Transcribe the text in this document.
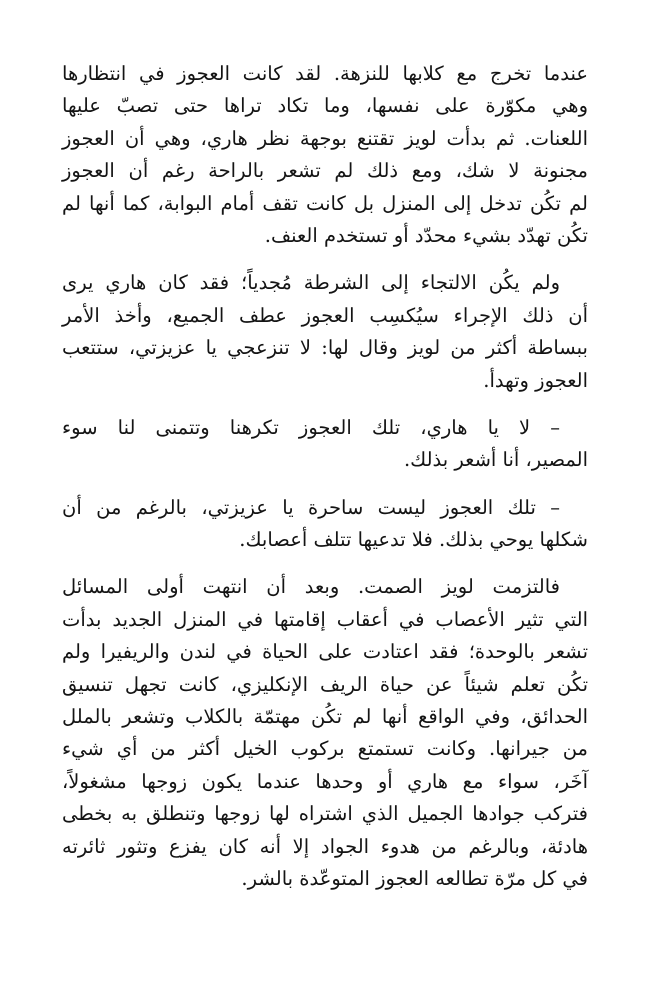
عندما تخرج مع كلابها للنزهة. لقد كانت العجوز في انتظارها
وهي مكوّرة على نفسها، وما تكاد تراها حتى تصبّ عليها
اللعنات. ثم بدأت لويز تقتنع بوجهة نظر هاري، وهي أن العجوز
مجنونة لا شك، ومع ذلك لم تشعر بالراحة رغم أن العجوز
لم تكُن تدخل إلى المنزل بل كانت تقف أمام البوابة، كما أنها لم
تكُن تهدّد بشيء محدّد أو تستخدم العنف.

ولم يكُن الالتجاء إلى الشرطة مُجدياً؛ فقد كان هاري يرى
أن ذلك الإجراء سيُكسِب العجوز عطف الجميع، وأخذ الأمر
ببساطة أكثر من لويز وقال لها: لا تنزعجي يا عزيزتي، ستتعب
العجوز وتهدأ.

– لا يا هاري، تلك العجوز تكرهنا وتتمنى لنا سوء
المصير، أنا أشعر بذلك.

– تلك العجوز ليست ساحرة يا عزيزتي، بالرغم من أن
شكلها يوحي بذلك. فلا تدعيها تتلف أعصابك.

فالتزمت لويز الصمت. وبعد أن انتهت أولى المسائل
التي تثير الأعصاب في أعقاب إقامتها في المنزل الجديد بدأت
تشعر بالوحدة؛ فقد اعتادت على الحياة في لندن والريفيرا ولم
تكُن تعلم شيئاً عن حياة الريف الإنكليزي، كانت تجهل تنسيق
الحدائق، وفي الواقع أنها لم تكُن مهتمّة بالكلاب وتشعر بالملل
من جيرانها. وكانت تستمتع بركوب الخيل أكثر من أي شيء
آخَر، سواء مع هاري أو وحدها عندما يكون زوجها مشغولاً،
فتركب جوادها الجميل الذي اشتراه لها زوجها وتنطلق به بخطى
هادئة، وبالرغم من هدوء الجواد إلا أنه كان يفزع وتثور ثائرته
في كل مرّة تطالعه العجوز المتوعّدة بالشر.
